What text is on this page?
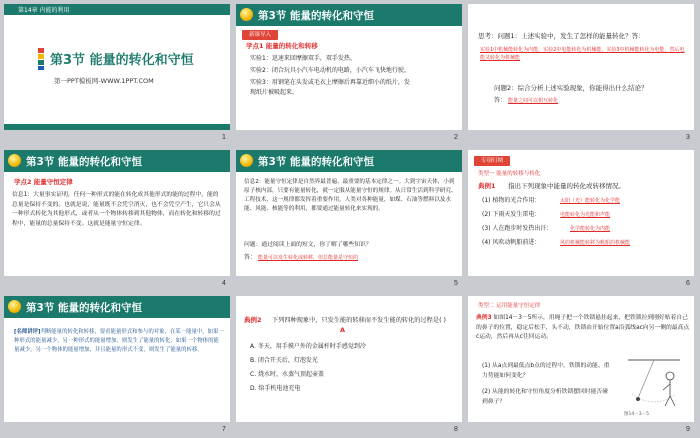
第14章 内能的利用
第3节 能量的转化和守恒
第一PPT模板网-WWW.1PPT.COM
第3节 能量的转化和守恒
新课导入
学点1 能量的转化和转移
实验1：迅速来回摩擦双手，双手发热。
实验2：闭合玩具小汽车电动机的电路，小汽车飞快地行驶。
实验3：用钢笔在头发或毛衣上摩擦后再靠近细小的纸片，发
现纸片被吸起来。
思考：问题1：上述实验中，发生了怎样的能量转化？答：
实验1中机械能转化为内能，实验2中电能转化为机械能，实验3中机械能转化为电能，然后电能又转化为机械能
问题2：综合分析上述实验现象，你能得出什么结论？
答： 能量之间可以相互转化
第3节 能量的转化和守恒
学点2 能量守恒定律
信息1：大量事实证明，任何一种形式的能在转化成其他形式的能的过程中，能的总量是保持不变的。也就是说，能量既不会凭空消灭，也不会凭空产生，它只会从一种形式转化为其他形式，或者从一个物体转移到其他物体，而在转化和转移的过程中，能量的总量保持不变。这就是能量守恒定律。
第3节 能量的转化和守恒
信息2：能量守恒定律是自然界最普遍、最重要的基本定律之一。大到宇宙天体，小到原子核内部，只要有能量转化，就一定服从能量守恒的规律。从日常生活到科学研究、工程技术，这一规律都发挥着重要作用。人类对各种能量，如煤、石油等燃料以及水能、风能、核能等的利用，都要通过能量转化来实现的。
问题：通过阅读上面的短文，你了解了哪些知识？
答： 能量可以发生转化或转移，但总能量是守恒的
专项归纳
类型一 能量的转移与转化
典例1 指出下列现象中能量的转化或转移情况。
(1) 植物的光合作用：	太阳（光）能转化为化学能
(2) 下雨天发生雷电：	电能转化为光能和声能
(3) 人在跑步时发热出汗：	化学能转化为内能
(4) 风吹动帆船前进：	风的机械能转移为帆船的机械能
第3节 能量的转化和守恒
[名师讲评]判断能量的转化和转移，要看能量形式和参与的对象，在某一能量中，如果一种形式的能量减少，另一种形式的能量增加，则发生了能量的转化；如果一个物体的能量减少，另一个物体的能量增加，并且能量的形式不变，则发生了能量的转移。
典例2 下列四种现象中，只发生能的转移而不发生能的转化的过程是( )
A
A. 冬天，用手摸户外的金属杆时手感觉到冷
B. 闭合开关后，灯泡发光
C. 烧水时，水蒸气顶起壶盖
D. 给手机电池充电
类型二 运用能量守恒定律
典例3 如图14－3－5所示，用绳子把一个铁锁悬挂起来，把铁锁拉到刚好贴着自己的鼻子的位置，稳定后松手，头不动，铁锁由开始位置a沿弧线ac向另一侧的最高点c运动，然后再从c往回运动。
(1) 从a点到最低点b点的过程中，铁锁的动能、重力势能如何变化？
(2) 从能的转化和守恒角度分析铁锁摆回时能否碰到鼻子？
图14－3－5
1	2	3
4	5	6
7	8	9
